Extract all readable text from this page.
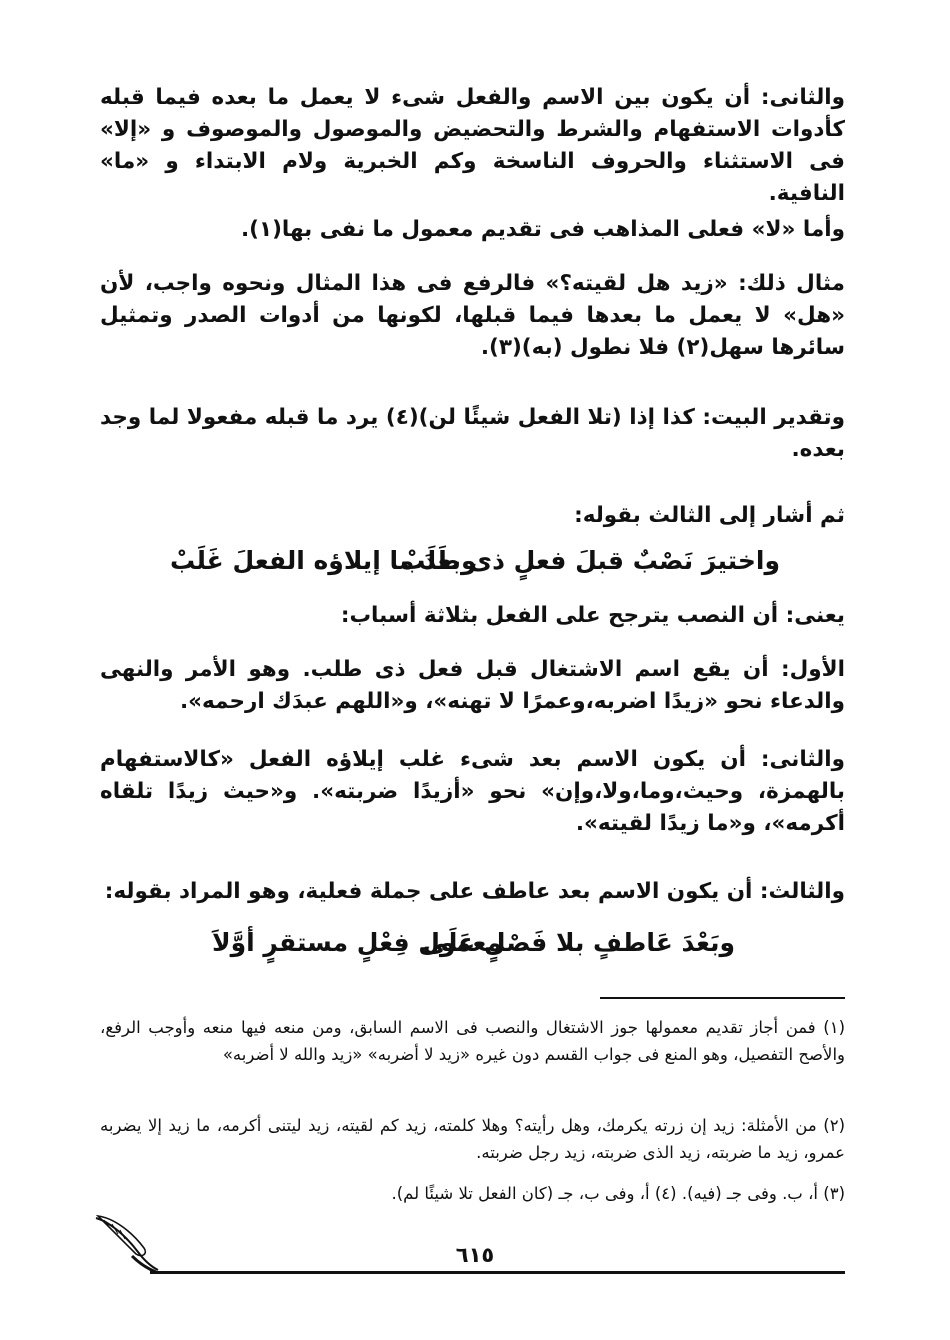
والثانى: أن يكون بين الاسم والفعل شىء لا يعمل ما بعده فيما قبله كأدوات الاستفهام والشرط والتحضيض والموصول والموصوف و «إلا» فى الاستثناء والحروف الناسخة وكم الخبرية ولام الابتداء و «ما» النافية.
وأما «لا» فعلى المذاهب فى تقديم معمول ما نفى بها(١).
مثال ذلك: «زيد هل لقيته؟» فالرفع فى هذا المثال ونحوه واجب، لأن «هل» لا يعمل ما بعدها فيما قبلها، لكونها من أدوات الصدر وتمثيل سائرها سهل(٢) فلا نطول (به)(٣).
وتقدير البيت: كذا إذا (تلا الفعل شيئًا لن)(٤) يرد ما قبله مفعولا لما وجد بعده.
ثم أشار إلى الثالث بقوله:
واختيرَ نَصْبٌ قبلَ فعلٍ ذى طَلَبْ
وبعدَ ما إيلاؤه الفعلَ غَلَبْ
يعنى: أن النصب يترجح على الفعل بثلاثة أسباب:
الأول: أن يقع اسم الاشتغال قبل فعل ذى طلب. وهو الأمر والنهى والدعاء نحو «زيدًا اضربه،وعمرًا لا تهنه»، و«اللهم عبدَك ارحمه».
والثانى: أن يكون الاسم بعد شىء غلب إيلاؤه الفعل «كالاستفهام بالهمزة، وحيث،وما،ولا،وإن» نحو «أزيدًا ضربته». و«حيث زيدًا تلقاه أكرمه»، و«ما زيدًا لقيته».
والثالث: أن يكون الاسم بعد عاطف على جملة فعلية، وهو المراد بقوله:
وبَعْدَ عَاطفٍ بلا فَصْلٍ عَلَى
معمول فِعْلٍ مستقرٍ أوَّلاَ
(١) فمن أجاز تقديم معمولها جوز الاشتغال والنصب فى الاسم السابق، ومن منعه فيها منعه وأوجب الرفع، والأصح التفصيل، وهو المنع فى جواب القسم دون غيره «زيد لا أضربه» «زيد والله لا أضربه»
(٢) من الأمثلة: زيد إن زرته يكرمك، وهل رأيته؟ وهلا كلمته، زيد كم لقيته، زيد ليتنى أكرمه، ما زيد إلا يضربه عمرو، زيد ما ضربته، زيد الذى ضربته، زيد رجل ضربته.
(٣) أ، ب. وفى جـ (فيه). (٤) أ، وفى ب، جـ (كان الفعل تلا شيئًا لم).
٦١٥
